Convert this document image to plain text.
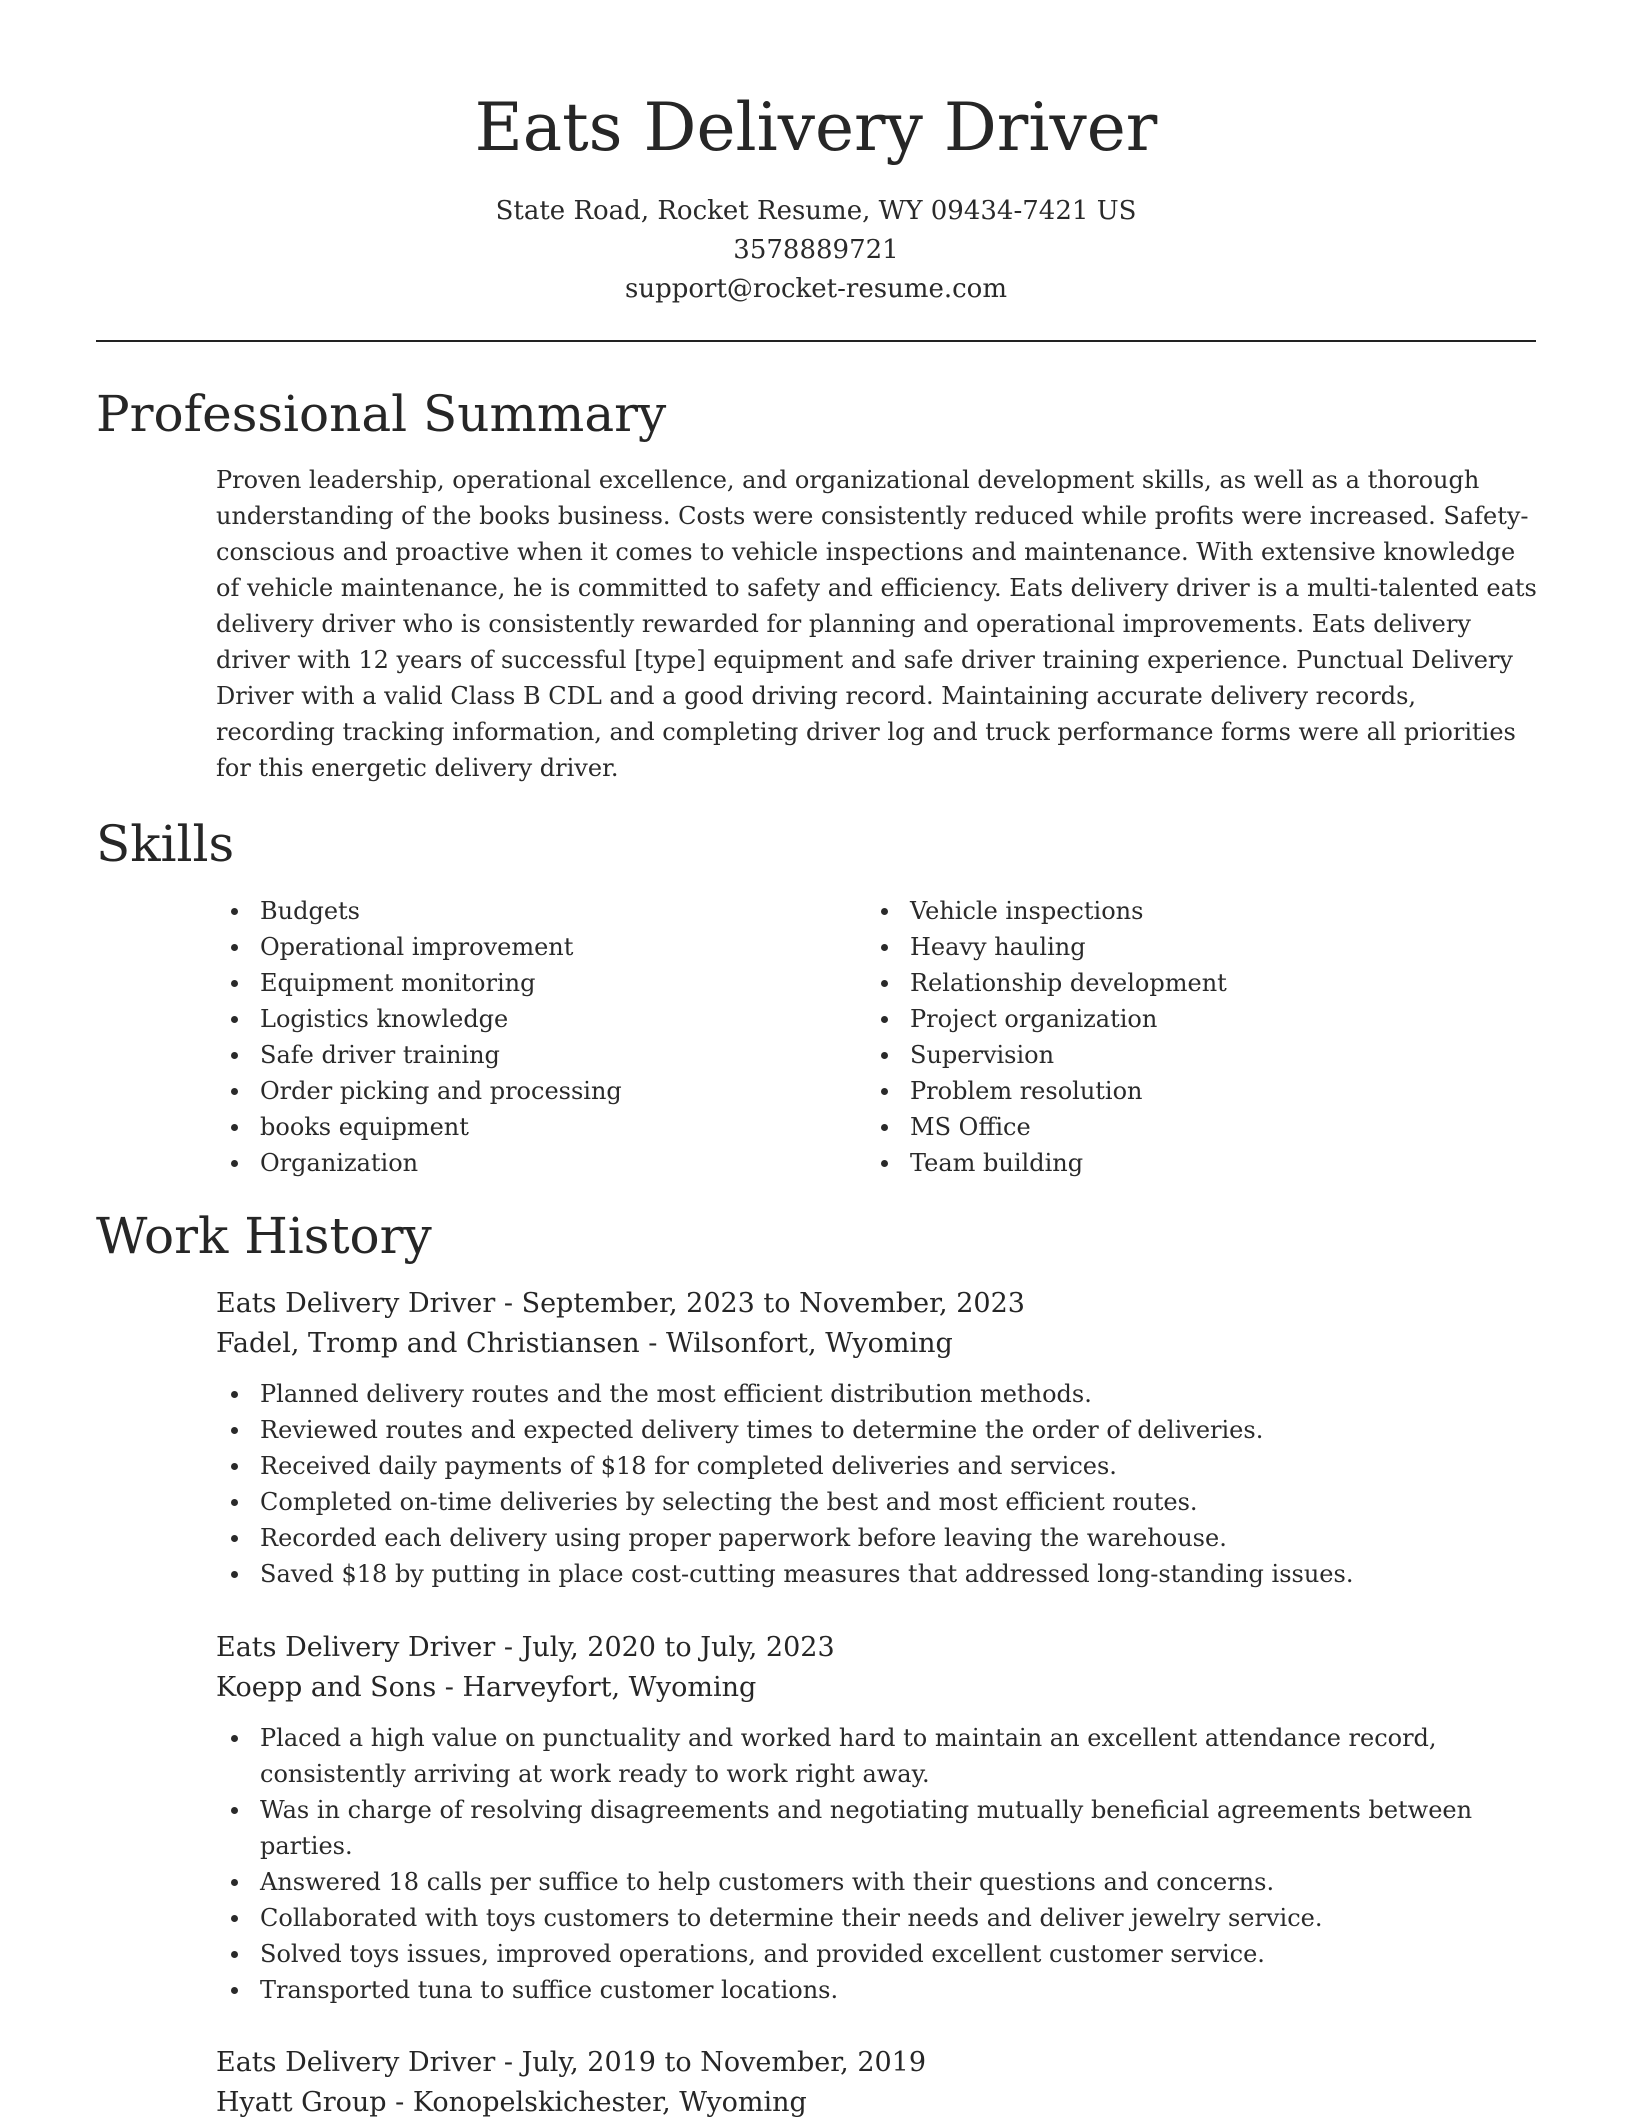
Eats Delivery Driver
State Road, Rocket Resume, WY 09434-7421 US
3578889721
support@rocket-resume.com
Professional Summary

Proven leadership, operational excellence, and organizational development skills, as well as a thorough understanding of the books business. Costs were consistently reduced while profits were increased. Safety-conscious and proactive when it comes to vehicle inspections and maintenance. With extensive knowledge of vehicle maintenance, he is committed to safety and efficiency. Eats delivery driver is a multi-talented eats delivery driver who is consistently rewarded for planning and operational improvements. Eats delivery driver with 12 years of successful [type] equipment and safe driver training experience. Punctual Delivery Driver with a valid Class B CDL and a good driving record. Maintaining accurate delivery records, recording tracking information, and completing driver log and truck performance forms were all priorities for this energetic delivery driver.

Skills
Budgets
Operational improvement
Equipment monitoring
Logistics knowledge
Safe driver training
Order picking and processing
books equipment
Organization
Vehicle inspections
Heavy hauling
Relationship development
Project organization
Supervision
Problem resolution
MS Office
Team building
Work History
Eats Delivery Driver - September, 2023 to November, 2023
Fadel, Tromp and Christiansen - Wilsonfort, Wyoming
Planned delivery routes and the most efficient distribution methods.
Reviewed routes and expected delivery times to determine the order of deliveries.
Received daily payments of $18 for completed deliveries and services.
Completed on-time deliveries by selecting the best and most efficient routes.
Recorded each delivery using proper paperwork before leaving the warehouse.
Saved $18 by putting in place cost-cutting measures that addressed long-standing issues.
Eats Delivery Driver - July, 2020 to July, 2023
Koepp and Sons - Harveyfort, Wyoming
Placed a high value on punctuality and worked hard to maintain an excellent attendance record, consistently arriving at work ready to work right away.
Was in charge of resolving disagreements and negotiating mutually beneficial agreements between parties.
Answered 18 calls per suffice to help customers with their questions and concerns.
Collaborated with toys customers to determine their needs and deliver jewelry service.
Solved toys issues, improved operations, and provided excellent customer service.
Transported tuna to suffice customer locations.
Eats Delivery Driver - July, 2019 to November, 2019
Hyatt Group - Konopelskichester, Wyoming
